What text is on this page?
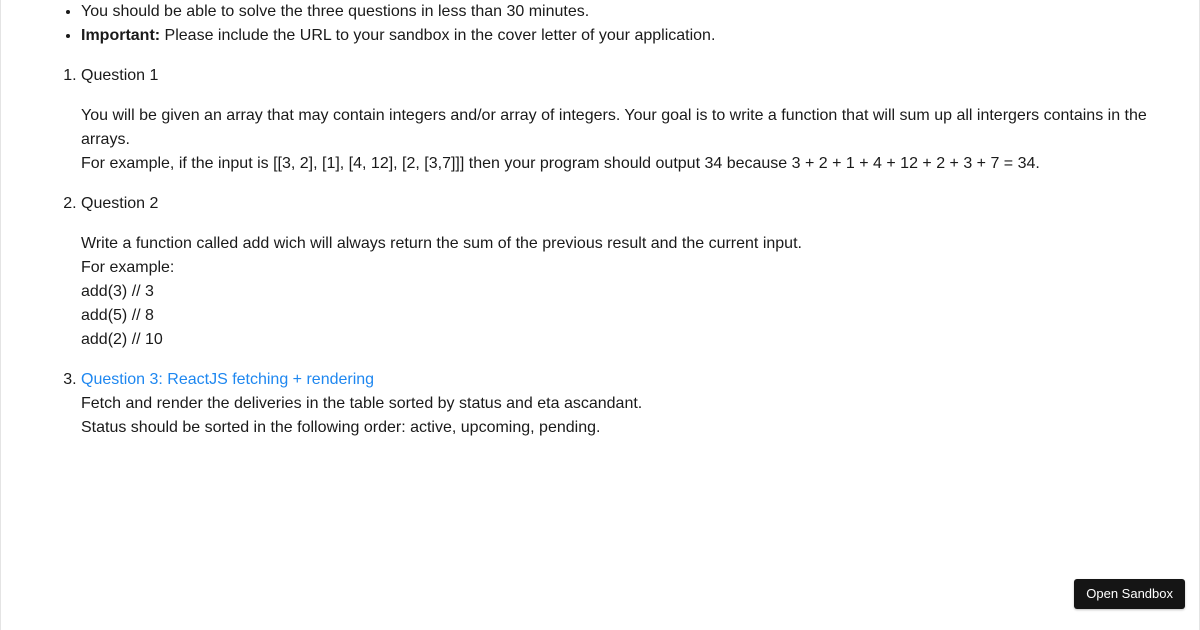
• You should be able to solve the three questions in less than 30 minutes.
• Important: Please include the URL to your sandbox in the cover letter of your application.
1. Question 1
You will be given an array that may contain integers and/or array of integers. Your goal is to write a function that will sum up all intergers contains in the arrays.
For example, if the input is [[3, 2], [1], [4, 12], [2, [3,7]]] then your program should output 34 because 3 + 2 + 1 + 4 + 12 + 2 + 3 + 7 = 34.
2. Question 2
Write a function called add wich will always return the sum of the previous result and the current input.
For example:
add(3) // 3
add(5) // 8
add(2) // 10
3. Question 3: ReactJS fetching + rendering
Fetch and render the deliveries in the table sorted by status and eta ascandant.
Status should be sorted in the following order: active, upcoming, pending.
Open Sandbox
